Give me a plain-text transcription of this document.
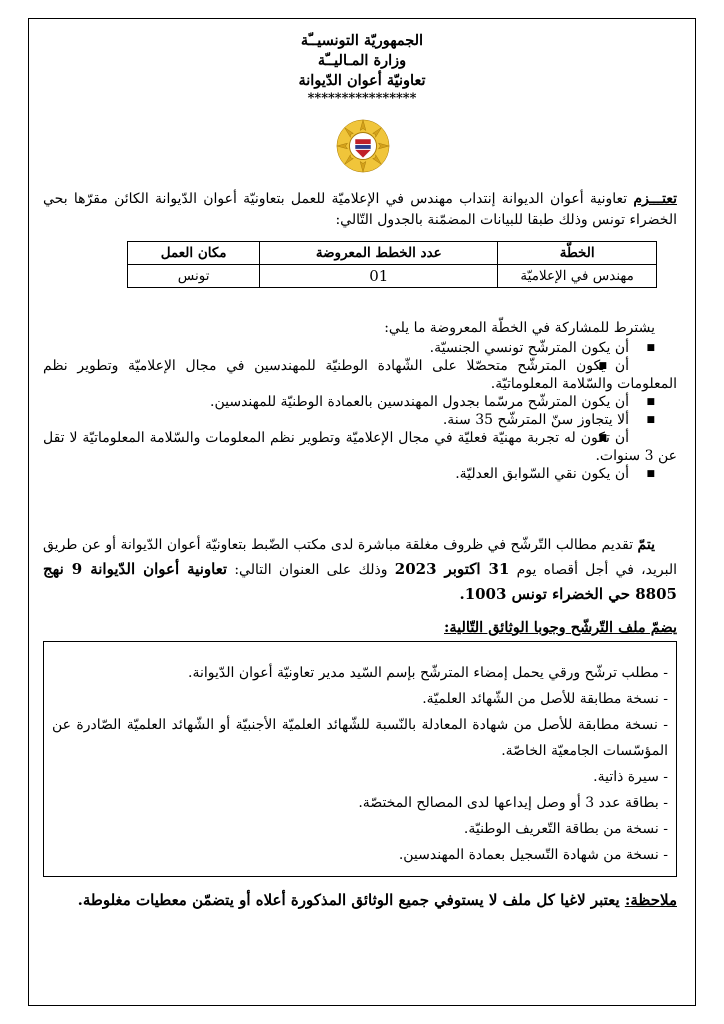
الجمهوريّة التونسيــّة
وزارة المـاليــّة
تعاونيّة أعوان الدّيوانة
****************
تعتـــزم تعاونية أعوان الديوانة إنتداب مهندس في الإعلاميّة للعمل بتعاونيّة أعوان الدّيوانة الكائن مقرّها بحي الخضراء تونس وذلك طبقا للبيانات المضمّنة بالجدول التّالي:
الخطّة	عدد الخطط المعروضة	مكان العمل
مهندس في الإعلاميّة	01	تونس
يشترط للمشاركة في الخطّة المعروضة ما يلي:
■ أن يكون المترشّح تونسي الجنسيّة.
■ أن يكون المترشّح متحصّلا على الشّهادة الوطنيّة للمهندسين في مجال الإعلاميّة وتطوير نظم المعلومات والسّلامة المعلوماتيّة.
■ أن يكون المترشّح مرسّما بجدول المهندسين بالعمادة الوطنيّة للمهندسين.
■ ألا يتجاوز سنّ المترشّح 35 سنة.
■ أن تكون له تجربة مهنيّة فعليّة في مجال الإعلاميّة وتطوير نظم المعلومات والسّلامة المعلوماتيّة لا تقل عن 3 سنوات.
■ أن يكون نقي السّوابق العدليّة.
يتمّ تقديم مطالب التّرشّح في ظروف مغلقة مباشرة لدى مكتب الضّبط بتعاونيّة أعوان الدّيوانة أو عن طريق البريد، في أجل أقصاه يوم 31 اكتوبر 2023 وذلك على العنوان التالي: تعاونية أعوان الدّيوانة 9 نهج 8805 حي الخضراء تونس 1003.
يضمّ ملف التّرشّح وجوبا الوثائق التّالية:
- مطلب ترشّح ورقي يحمل إمضاء المترشّح بإسم السّيد مدير تعاونيّة أعوان الدّيوانة.
- نسخة مطابقة للأصل من الشّهائد العلميّة.
- نسخة مطابقة للأصل من شهادة المعادلة بالنّسبة للشّهائد العلميّة الأجنبيّة أو الشّهائد العلميّة الصّادرة عن المؤسّسات الجامعيّة الخاصّة.
- سيرة ذاتية.
- بطاقة عدد 3 أو وصل إيداعها لدى المصالح المختصّة.
- نسخة من بطاقة التّعريف الوطنيّة.
- نسخة من شهادة التّسجيل بعمادة المهندسين.
ملاحظة: يعتبر لاغيا كل ملف لا يستوفي جميع الوثائق المذكورة أعلاه أو يتضمّن معطيات مغلوطة.
